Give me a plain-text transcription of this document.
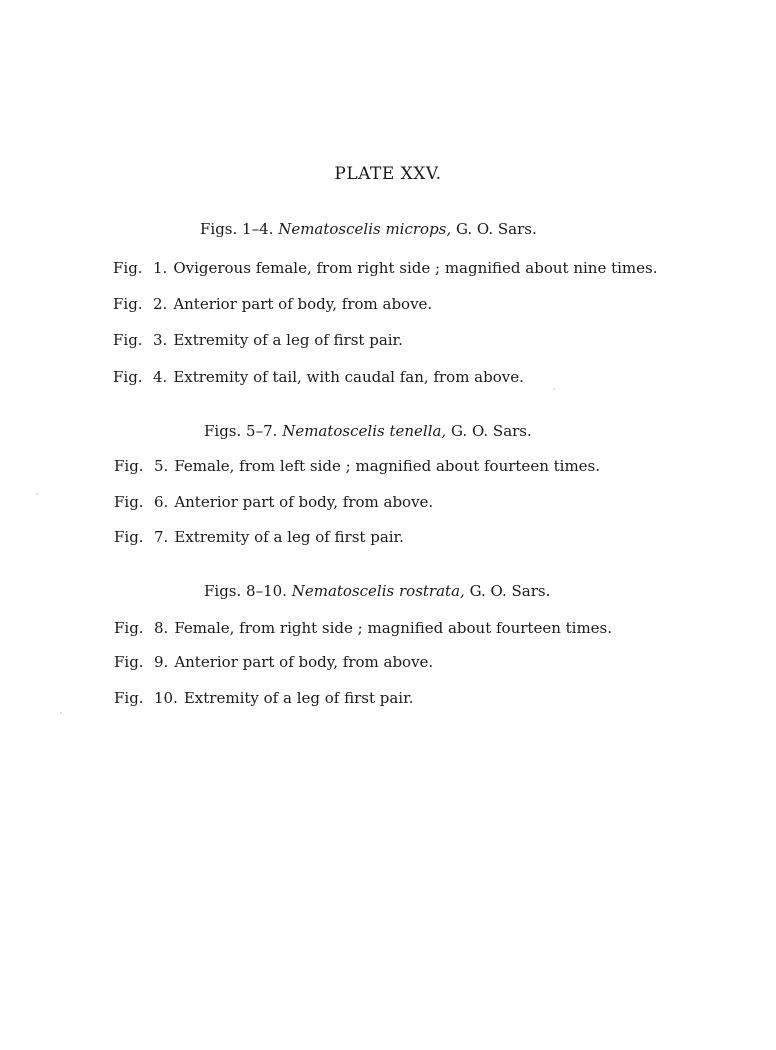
PLATE XXV.
Figs. 1–4. Nematoscelis microps, G. O. Sars.
Fig. 1. Ovigerous female, from right side ; magnified about nine times.
Fig. 2. Anterior part of body, from above.
Fig. 3. Extremity of a leg of first pair.
Fig. 4. Extremity of tail, with caudal fan, from above.
Figs. 5–7. Nematoscelis tenella, G. O. Sars.
Fig. 5. Female, from left side ; magnified about fourteen times.
Fig. 6. Anterior part of body, from above.
Fig. 7. Extremity of a leg of first pair.
Figs. 8–10. Nematoscelis rostrata, G. O. Sars.
Fig. 8. Female, from right side ; magnified about fourteen times.
Fig. 9. Anterior part of body, from above.
Fig. 10. Extremity of a leg of first pair.
